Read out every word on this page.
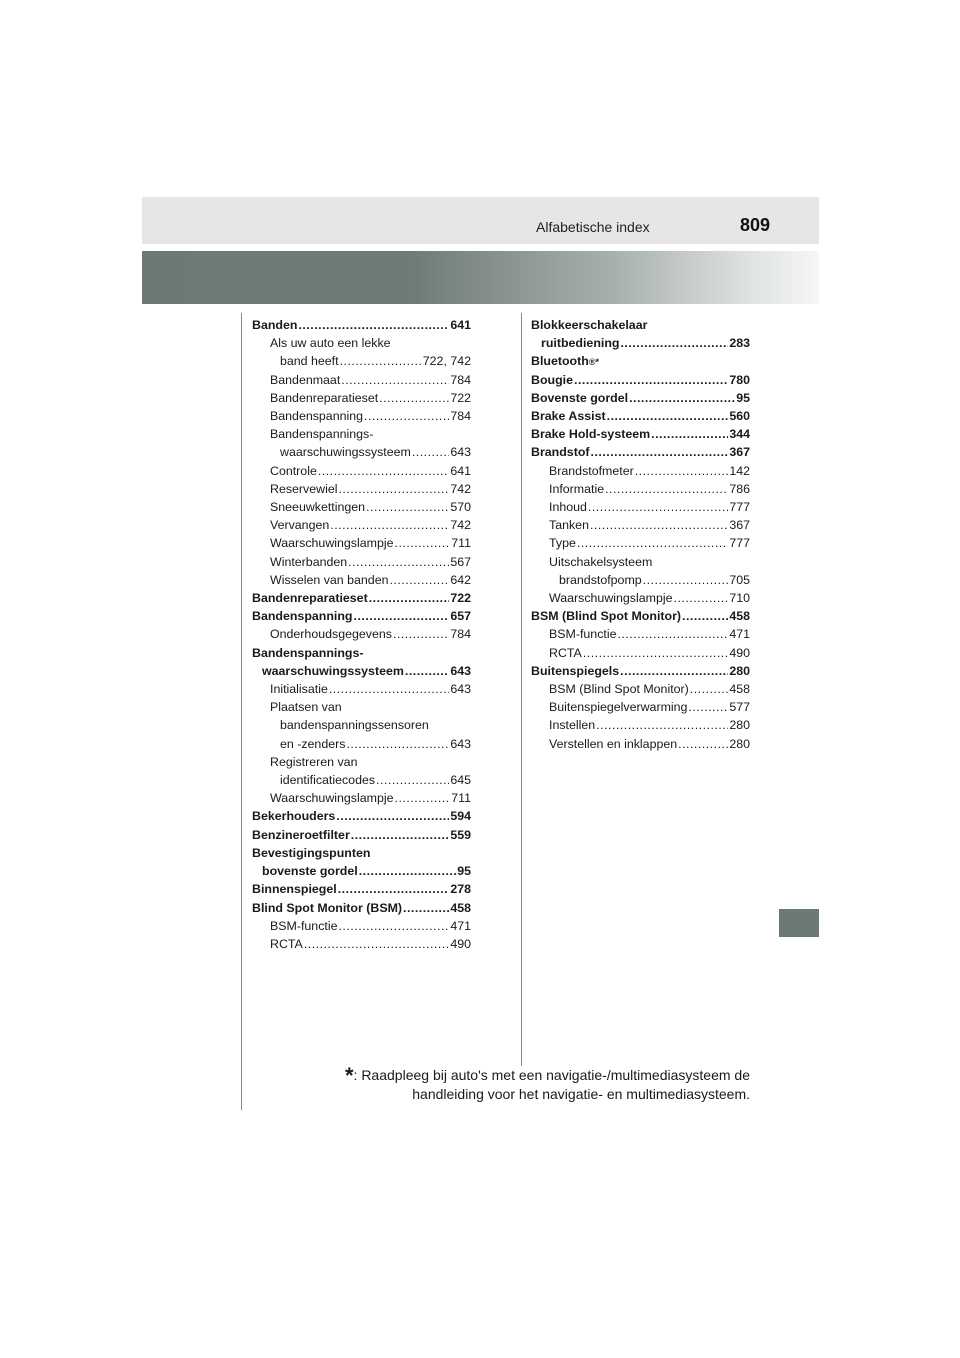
Alfabetische index	809
Banden .....	641
Als uw auto een lekke
band heeft .....	722, 742
Bandenmaat .....	784
Bandenreparatieset .....	722
Bandenspanning .....	784
Bandenspannings-
waarschuwingssysteem .....	643
Controle .....	641
Reservewiel .....	742
Sneeuwkettingen .....	570
Vervangen .....	742
Waarschuwingslampje .....	711
Winterbanden .....	567
Wisselen van banden .....	642
Bandenreparatieset .....	722
Bandenspanning .....	657
Onderhoudsgegevens .....	784
Bandenspannings-
waarschuwingssysteem .....	643
Initialisatie .....	643
Plaatsen van
bandenspanningssensoren
en -zenders .....	643
Registreren van
identificatiecodes .....	645
Waarschuwingslampje .....	711
Bekerhouders .....	594
Benzineroetfilter .....	559
Bevestigingspunten
bovenste gordel .....	95
Binnenspiegel .....	278
Blind Spot Monitor (BSM) .....	458
BSM-functie .....	471
RCTA .....	490
Blokkeerschakelaar
ruitbediening .....	283
Bluetooth ®*
Bougie .....	780
Bovenste gordel .....	95
Brake Assist .....	560
Brake Hold-systeem .....	344
Brandstof .....	367
Brandstofmeter .....	142
Informatie .....	786
Inhoud .....	777
Tanken .....	367
Type .....	777
Uitschakelsysteem
brandstofpomp .....	705
Waarschuwingslampje .....	710
BSM (Blind Spot Monitor) .....	458
BSM-functie .....	471
RCTA .....	490
Buitenspiegels .....	280
BSM (Blind Spot Monitor) .....	458
Buitenspiegelverwarming .....	577
Instellen .....	280
Verstellen en inklappen .....	280
*: Raadpleeg bij auto's met een navigatie-/multimediasysteem de
handleiding voor het navigatie- en multimediasysteem.
